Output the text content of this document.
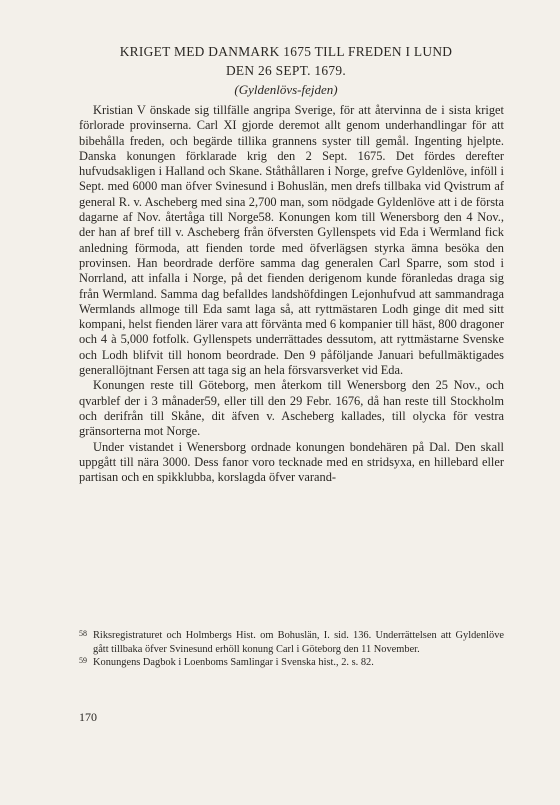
KRIGET MED DANMARK 1675 TILL FREDEN I LUND
DEN 26 SEPT. 1679.
(Gyldenlövs-fejden)

Kristian V önskade sig tillfälle angripa Sverige, för att återvinna de i sista kriget förlorade provinserna. Carl XI gjorde deremot allt genom underhandlingar för att bibehålla freden, och begärde tillika grannens syster till gemål. Ingenting hjelpte. Danska konungen förklarade krig den 2 Sept. 1675. Det fördes derefter hufvudsakligen i Halland och Skane. Ståthållaren i Norge, grefve Gyldenlöve, inföll i Sept. med 6000 man öfver Svinesund i Bohuslän, men drefs tillbaka vid Qvistrum af general R. v. Ascheberg med sina 2,700 man, som nödgade Gyldenlöve att i de första dagarne af Nov. återtåga till Norge58. Konungen kom till Wenersborg den 4 Nov., der han af bref till v. Ascheberg från öfversten Gyllenspets vid Eda i Wermland fick anledning förmoda, att fienden torde med öfverlägsen styrka ämna besöka den provinsen. Han beordrade derföre samma dag generalen Carl Sparre, som stod i Norrland, att infalla i Norge, på det fienden derigenom kunde föranledas draga sig från Wermland. Samma dag befalldes landshöfdingen Lejonhufvud att sammandraga Wermlands allmoge till Eda samt laga så, att ryttmästaren Lodh ginge dit med sitt kompani, helst fienden lärer vara att förvänta med 6 kompanier till häst, 800 dragoner och 4 à 5,000 fotfolk. Gyllenspets underrättades dessutom, att ryttmästarne Svenske och Lodh blifvit till honom beordrade. Den 9 påföljande Januari befullmäktigades generallöjtnant Fersen att taga sig an hela försvarsverket vid Eda.

Konungen reste till Göteborg, men återkom till Wenersborg den 25 Nov., och qvarblef der i 3 månader59, eller till den 29 Febr. 1676, då han reste till Stockholm och derifrån till Skåne, dit äfven v. Ascheberg kallades, till olycka för vestra gränsorterna mot Norge.

Under vistandet i Wenersborg ordnade konungen bondehären på Dal. Den skall uppgått till nära 3000. Dess fanor voro tecknade med en stridsyxa, en hillebard eller partisan och en spikklubba, korslagda öfver varand-

58 Riksregistraturet och Holmbergs Hist. om Bohuslän, I. sid. 136. Underrättelsen att Gyldenlöve gått tillbaka öfver Svinesund erhöll konung Carl i Göteborg den 11 November.

59 Konungens Dagbok i Loenboms Samlingar i Svenska hist., 2. s. 82.

170
